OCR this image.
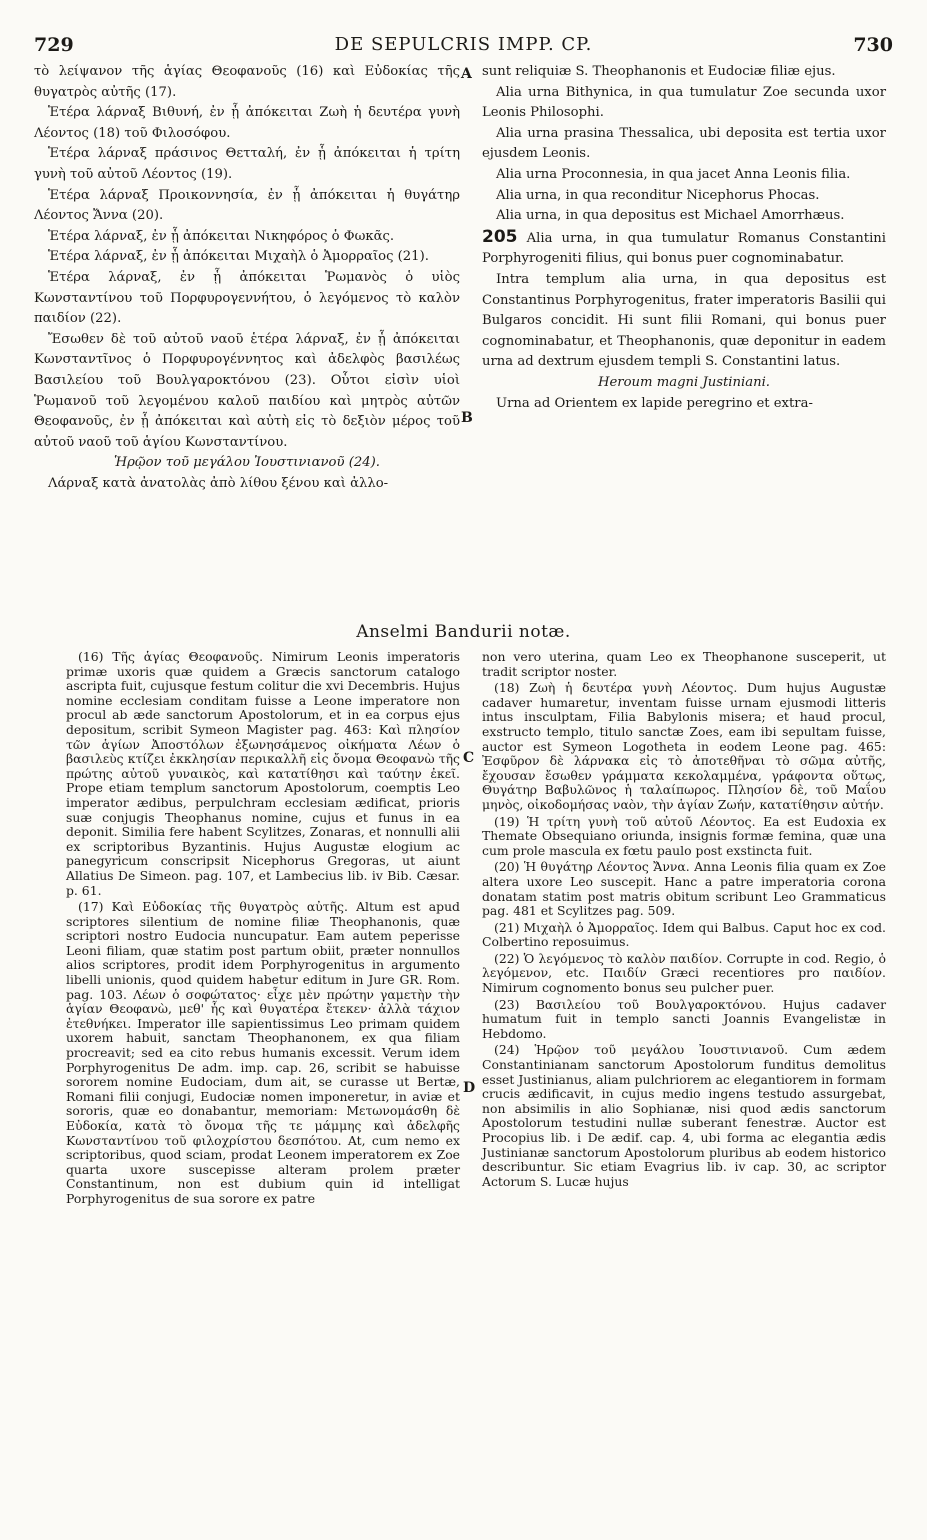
729	DE SEPULCRIS IMPP. CP.	730
A
B
C
D

τὸ λείψανον τῆς ἁγίας Θεοφανοῦς (16) καὶ Εὐδοκίας τῆς θυγατρὸς αὐτῆς (17).

Ἑτέρα λάρναξ Βιθυνή, ἐν ᾗ ἀπόκειται Ζωὴ ἡ δευτέρα γυνὴ Λέοντος (18) τοῦ Φιλοσόφου.

Ἑτέρα λάρναξ πράσινος Θετταλή, ἐν ᾗ ἀπόκειται ἡ τρίτη γυνὴ τοῦ αὐτοῦ Λέοντος (19).

Ἑτέρα λάρναξ Προικοννησία, ἐν ᾗ ἀπόκειται ἡ θυγάτηρ Λέοντος Ἄννα (20).

Ἑτέρα λάρναξ, ἐν ᾗ ἀπόκειται Νικηφόρος ὁ Φωκᾶς.

Ἑτέρα λάρναξ, ἐν ᾗ ἀπόκειται Μιχαὴλ ὁ Ἀμορραῖος (21).

Ἑτέρα λάρναξ, ἐν ᾗ ἀπόκειται Ῥωμανὸς ὁ υἱὸς Κωνσταντίνου τοῦ Πορφυρογεννήτου, ὁ λεγόμενος τὸ καλὸν παιδίον (22).

Ἔσωθεν δὲ τοῦ αὐτοῦ ναοῦ ἑτέρα λάρναξ, ἐν ᾗ ἀπόκειται Κωνσταντῖνος ὁ Πορφυρογέννητος καὶ ἀδελφὸς βασιλέως Βασιλείου τοῦ Βουλγαροκτόνου (23). Οὗτοι εἰσὶν υἱοὶ Ῥωμανοῦ τοῦ λεγομένου καλοῦ παιδίου καὶ μητρὸς αὐτῶν Θεοφανοῦς, ἐν ᾗ ἀπόκειται καὶ αὐτὴ εἰς τὸ δεξιὸν μέρος τοῦ αὐτοῦ ναοῦ τοῦ ἁγίου Κωνσταντίνου.

Ἡρῷον τοῦ μεγάλου Ἰουστινιανοῦ (24).

Λάρναξ κατὰ ἀνατολὰς ἀπὸ λίθου ξένου καὶ ἀλλο-

sunt reliquiæ S. Theophanonis et Eudociæ filiæ ejus.

Alia urna Bithynica, in qua tumulatur Zoe secunda uxor Leonis Philosophi.

Alia urna prasina Thessalica, ubi deposita est tertia uxor ejusdem Leonis.

Alia urna Proconnesia, in qua jacet Anna Leonis filia.

Alia urna, in qua reconditur Nicephorus Phocas.

Alia urna, in qua depositus est Michael Amorrhæus.

205 Alia urna, in qua tumulatur Romanus Constantini Porphyrogeniti filius, qui bonus puer cognominabatur.

Intra templum alia urna, in qua depositus est Constantinus Porphyrogenitus, frater imperatoris Basilii qui Bulgaros concidit. Hi sunt filii Romani, qui bonus puer cognominabatur, et Theophanonis, quæ deponitur in eadem urna ad dextrum ejusdem templi S. Constantini latus.

Heroum magni Justiniani.

Urna ad Orientem ex lapide peregrino et extra-

Anselmi Bandurii notæ.

(16) Τῆς ἁγίας Θεοφανοῦς. Nimirum Leonis imperatoris primæ uxoris quæ quidem a Græcis sanctorum catalogo ascripta fuit, cujusque festum colitur die xvi Decembris. Hujus nomine ecclesiam conditam fuisse a Leone imperatore non procul ab æde sanctorum Apostolorum, et in ea corpus ejus depositum, scribit Symeon Magister pag. 463: Καὶ πλησίον τῶν ἁγίων Ἀποστόλων ἐξωνησάμενος οἰκήματα Λέων ὁ βασιλεὺς κτίζει ἐκκλησίαν περικαλλῆ εἰς ὄνομα Θεοφανὼ τῆς πρώτης αὐτοῦ γυναικὸς, καὶ κατατίθησι καὶ ταύτην ἐκεῖ. Prope etiam templum sanctorum Apostolorum, coemptis Leo imperator ædibus, perpulchram ecclesiam ædificat, prioris suæ conjugis Theophanus nomine, cujus et funus in ea deponit. Similia fere habent Scylitzes, Zonaras, et nonnulli alii ex scriptoribus Byzantinis. Hujus Augustæ elogium ac panegyricum conscripsit Nicephorus Gregoras, ut aiunt Allatius De Simeon. pag. 107, et Lambecius lib. iv Bib. Cæsar. p. 61.

(17) Καὶ Εὐδοκίας τῆς θυγατρὸς αὐτῆς. Altum est apud scriptores silentium de nomine filiæ Theophanonis, quæ scriptori nostro Eudocia nuncupatur. Eam autem peperisse Leoni filiam, quæ statim post partum obiit, præter nonnullos alios scriptores, prodit idem Porphyrogenitus in argumento libelli unionis, quod quidem habetur editum in Jure GR. Rom. pag. 103. Λέων ὁ σοφώτατος· εἶχε μὲν πρώτην γαμετὴν τὴν ἁγίαν Θεοφανὼ, μεθ' ἧς καὶ θυγατέρα ἔτεκεν· ἀλλὰ τάχιον ἐτεθνήκει. Imperator ille sapientissimus Leo primam quidem uxorem habuit, sanctam Theophanonem, ex qua filiam procreavit; sed ea cito rebus humanis excessit. Verum idem Porphyrogenitus De adm. imp. cap. 26, scribit se habuisse sororem nomine Eudociam, dum ait, se curasse ut Bertæ, Romani filii conjugi, Eudociæ nomen imponeretur, in aviæ et sororis, quæ eo donabantur, memoriam: Μετωνομάσθη δὲ Εὐδοκία, κατὰ τὸ ὄνομα τῆς τε μάμμης καὶ ἀδελφῆς Κωνσταντίνου τοῦ φιλοχρίστου δεσπότου. At, cum nemo ex scriptoribus, quod sciam, prodat Leonem imperatorem ex Zoe quarta uxore suscepisse alteram prolem præter Constantinum, non est dubium quin id intelligat Porphyrogenitus de sua sorore ex patre

non vero uterina, quam Leo ex Theophanone susceperit, ut tradit scriptor noster.

(18) Ζωὴ ἡ δευτέρα γυνὴ Λέοντος. Dum hujus Augustæ cadaver humaretur, inventam fuisse urnam ejusmodi litteris intus insculptam, Filia Babylonis misera; et haud procul, exstructo templo, titulo sanctæ Zoes, eam ibi sepultam fuisse, auctor est Symeon Logotheta in eodem Leone pag. 465: Ἐσφῦρον δὲ λάρνακα εἰς τὸ ἀποτεθῆναι τὸ σῶμα αὐτῆς, ἔχουσαν ἔσωθεν γράμματα κεκολαμμένα, γράφοντα οὕτως, Θυγάτηρ Βαβυλῶνος ἡ ταλαίπωρος. Πλησίον δὲ, τοῦ Μαΐου μηνὸς, οἰκοδομήσας ναὸν, τὴν ἁγίαν Ζωήν, κατατίθησιν αὐτήν.

(19) Ἡ τρίτη γυνὴ τοῦ αὐτοῦ Λέοντος. Ea est Eudoxia ex Themate Obsequiano oriunda, insignis formæ femina, quæ una cum prole mascula ex fœtu paulo post exstincta fuit.

(20) Ἡ θυγάτηρ Λέοντος Ἄννα. Anna Leonis filia quam ex Zoe altera uxore Leo suscepit. Hanc a patre imperatoria corona donatam statim post matris obitum scribunt Leo Grammaticus pag. 481 et Scylitzes pag. 509.

(21) Μιχαὴλ ὁ Ἀμορραῖος. Idem qui Balbus. Caput hoc ex cod. Colbertino reposuimus.

(22) Ὁ λεγόμενος τὸ καλὸν παιδίον. Corrupte in cod. Regio, ὁ λεγόμενον, etc. Παιδίν Græci recentiores pro παιδίον. Nimirum cognomento bonus seu pulcher puer.

(23) Βασιλείου τοῦ Βουλγαροκτόνου. Hujus cadaver humatum fuit in templo sancti Joannis Evangelistæ in Hebdomo.

(24) Ἡρῷον τοῦ μεγάλου Ἰουστινιανοῦ. Cum ædem Constantinianam sanctorum Apostolorum funditus demolitus esset Justinianus, aliam pulchriorem ac elegantiorem in formam crucis ædificavit, in cujus medio ingens testudo assurgebat, non absimilis in alio Sophianæ, nisi quod ædis sanctorum Apostolorum testudini nullæ suberant fenestræ. Auctor est Procopius lib. i De ædif. cap. 4, ubi forma ac elegantia ædis Justinianæ sanctorum Apostolorum pluribus ab eodem historico describuntur. Sic etiam Evagrius lib. iv cap. 30, ac scriptor Actorum S. Lucæ hujus
